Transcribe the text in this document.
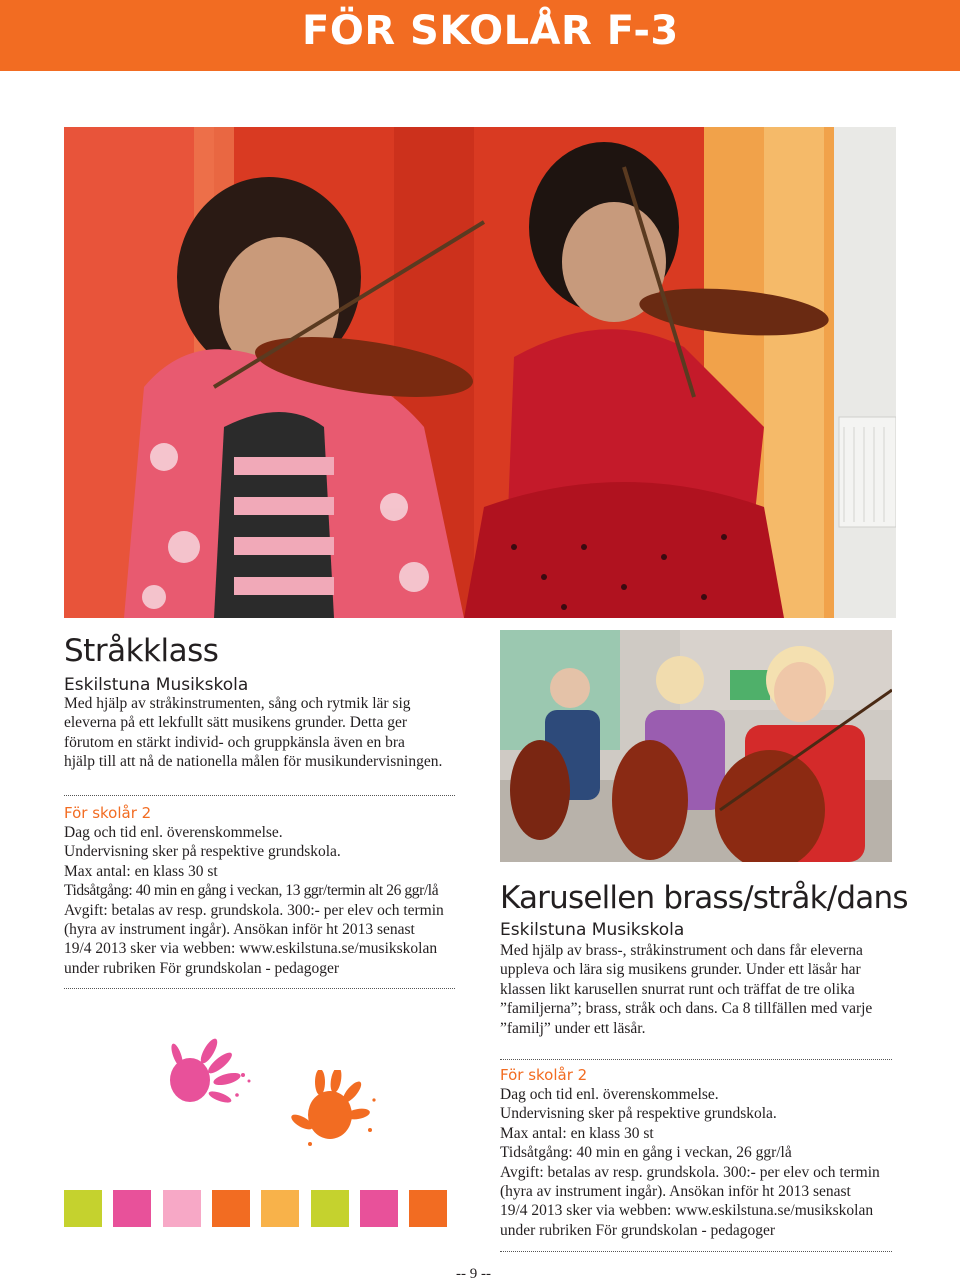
FÖR SKOLÅR F-3
Stråkklass
Eskilstuna Musikskola
Med hjälp av stråkinstrumenten, sång och rytmik lär sig
eleverna på ett lekfullt sätt musikens grunder. Detta ger
förutom en stärkt individ- och gruppkänsla även en bra
hjälp till att nå de nationella målen för musikundervisningen.
För skolår 2
Dag och tid enl. överenskommelse.
Undervisning sker på respektive grundskola.
Max antal: en klass 30 st
Tidsåtgång: 40 min en gång i veckan, 13 ggr/termin alt 26 ggr/lå
Avgift: betalas av resp. grundskola. 300:- per elev och termin
(hyra av instrument ingår). Ansökan inför ht 2013 senast
19/4 2013 sker via webben: www.eskilstuna.se/musikskolan
under rubriken För grundskolan - pedagoger
Karusellen brass/stråk/dans
Eskilstuna Musikskola
Med hjälp av brass-, stråkinstrument och dans får eleverna
uppleva och lära sig musikens grunder. Under ett läsår har
klassen likt karusellen snurrat runt och träffat de tre olika
”familjerna”; brass, stråk och dans. Ca 8 tillfällen med varje
”familj” under ett läsår.
För skolår 2
Dag och tid enl. överenskommelse.
Undervisning sker på respektive grundskola.
Max antal: en klass 30 st
Tidsåtgång: 40 min en gång i veckan, 26 ggr/lå
Avgift: betalas av resp. grundskola. 300:- per elev och termin
(hyra av instrument ingår). Ansökan inför ht 2013 senast
19/4 2013 sker via webben: www.eskilstuna.se/musikskolan
under rubriken För grundskolan - pedagoger
-- 9 --
